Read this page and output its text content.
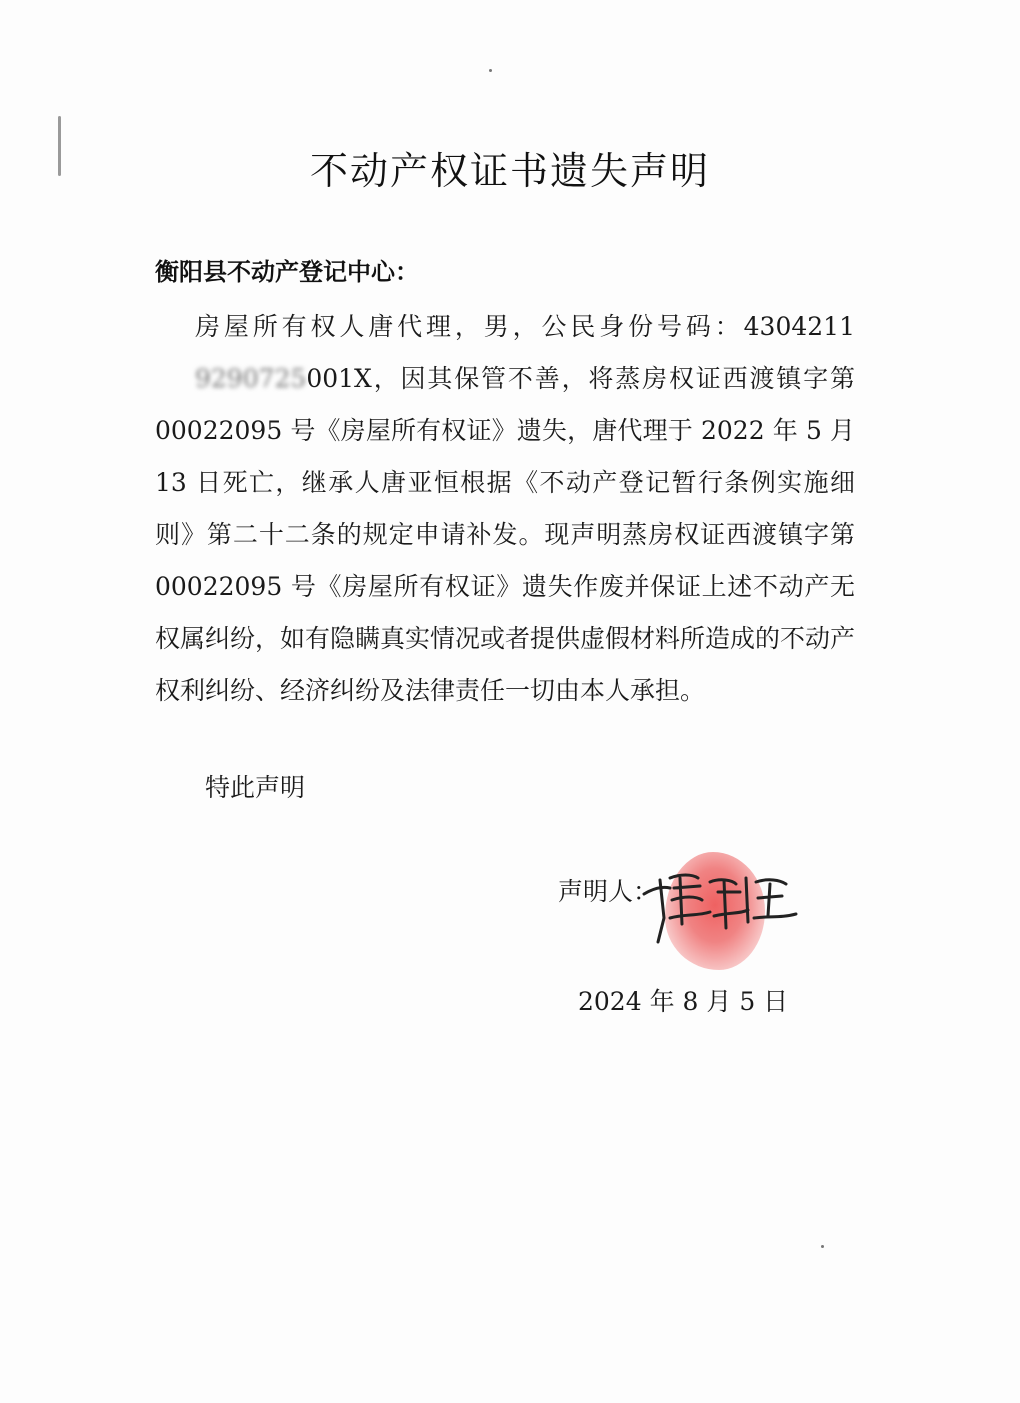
不动产权证书遗失声明
衡阳县不动产登记中心：

房屋所有权人唐代理，男，公民身份号码：43042119290725001X，因其保管不善，将蒸房权证西渡镇字第 00022095 号《房屋所有权证》遗失，唐代理于 2022 年 5 月 13 日死亡，继承人唐亚恒根据《不动产登记暂行条例实施细则》第二十二条的规定申请补发。现声明蒸房权证西渡镇字第 00022095 号《房屋所有权证》遗失作废并保证上述不动产无权属纠纷，如有隐瞒真实情况或者提供虚假材料所造成的不动产权利纠纷、经济纠纷及法律责任一切由本人承担。

特此声明
声明人：
2024 年 8 月 5 日
